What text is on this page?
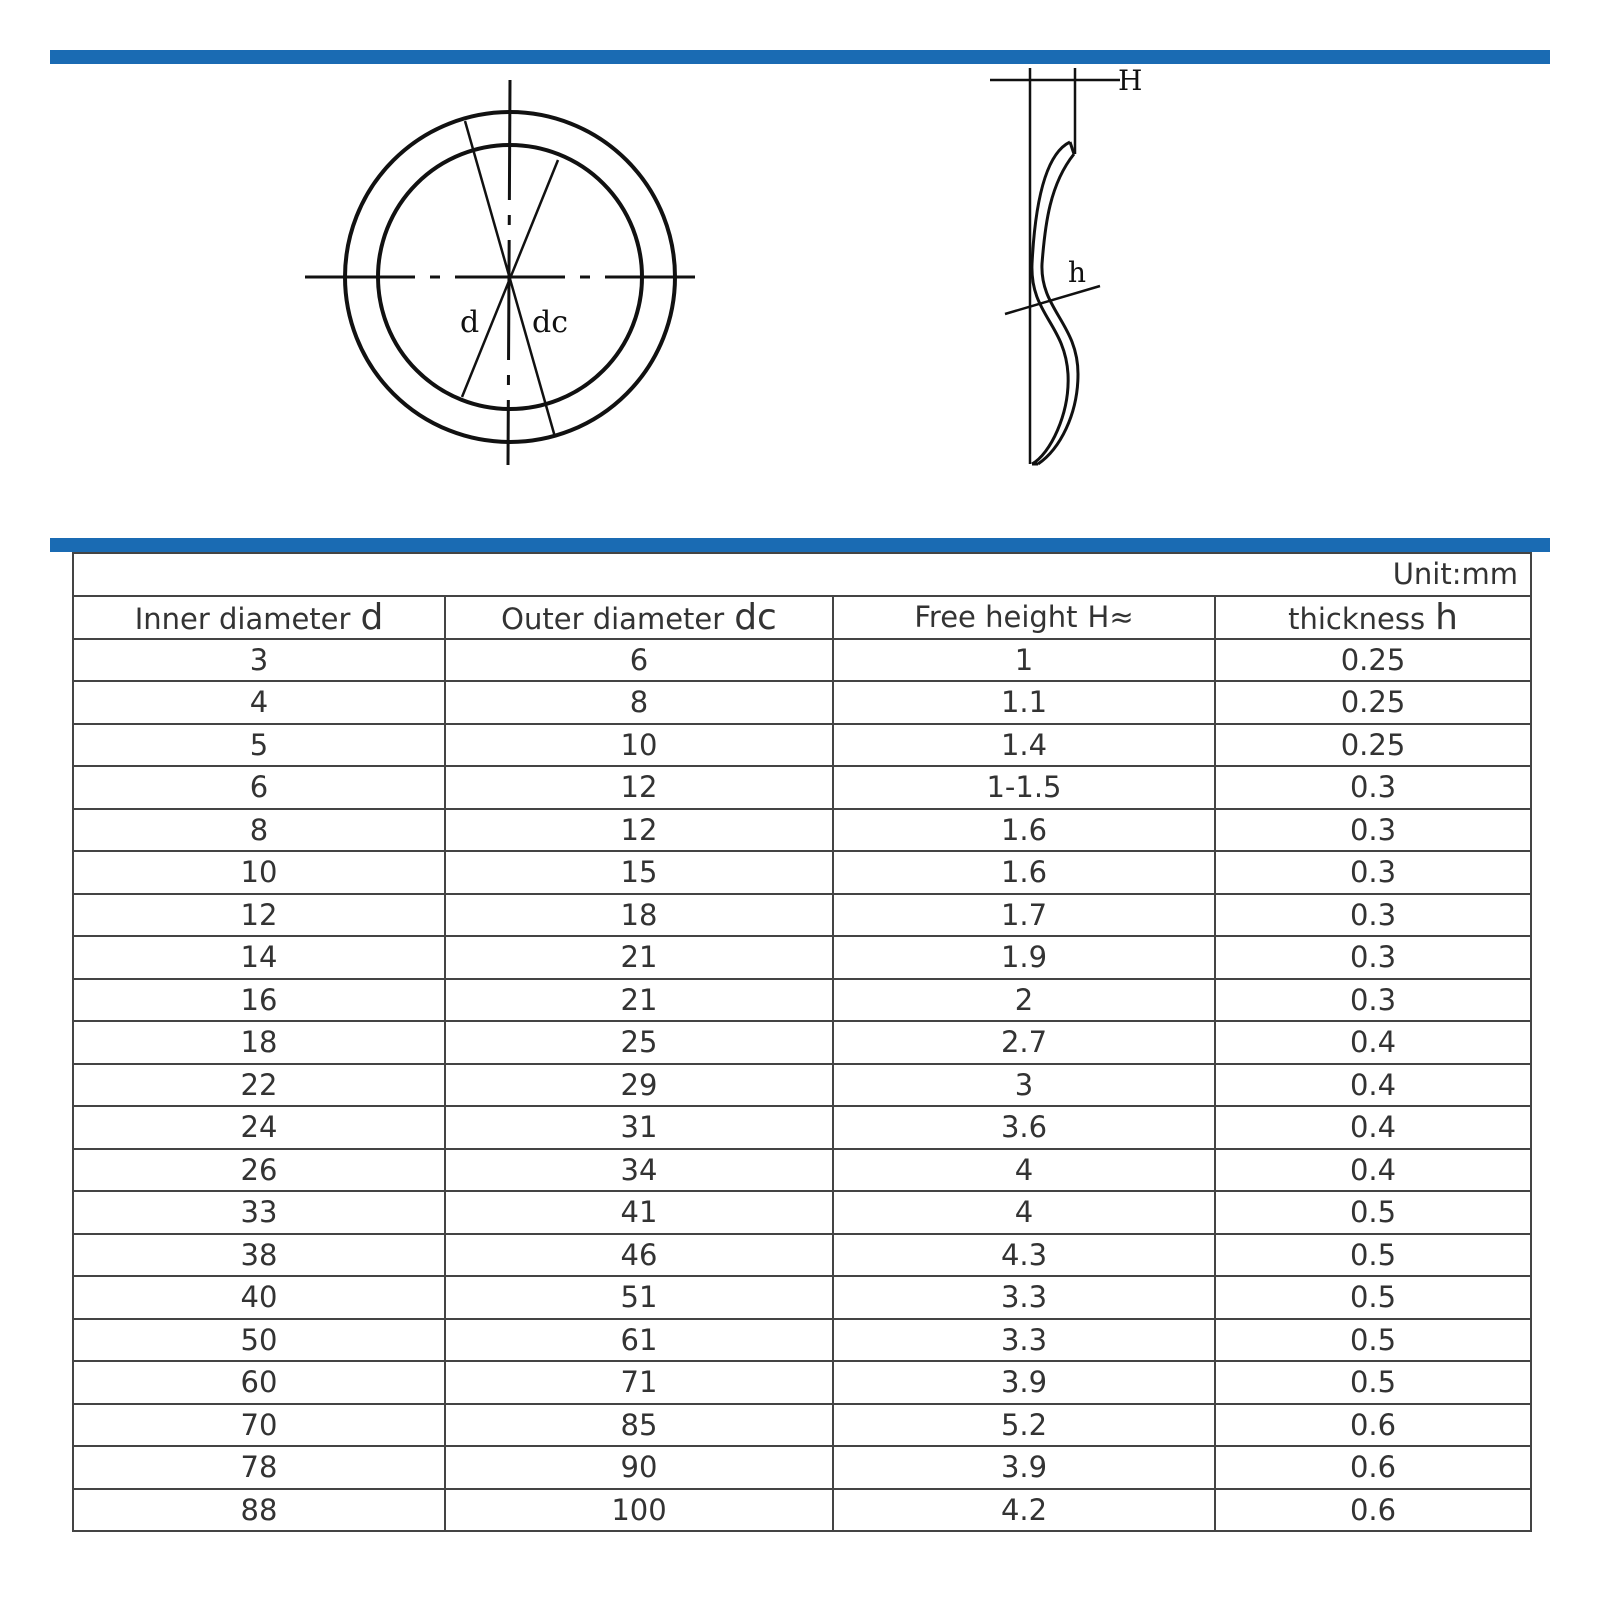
d dc
H
h
Unit:mm			
Inner diameter d	Outer diameter dc	Free height H≈	thickness h
3	6	1	0.25
4	8	1.1	0.25
5	10	1.4	0.25
6	12	1-1.5	0.3
8	12	1.6	0.3
10	15	1.6	0.3
12	18	1.7	0.3
14	21	1.9	0.3
16	21	2	0.3
18	25	2.7	0.4
22	29	3	0.4
24	31	3.6	0.4
26	34	4	0.4
33	41	4	0.5
38	46	4.3	0.5
40	51	3.3	0.5
50	61	3.3	0.5
60	71	3.9	0.5
70	85	5.2	0.6
78	90	3.9	0.6
88	100	4.2	0.6
